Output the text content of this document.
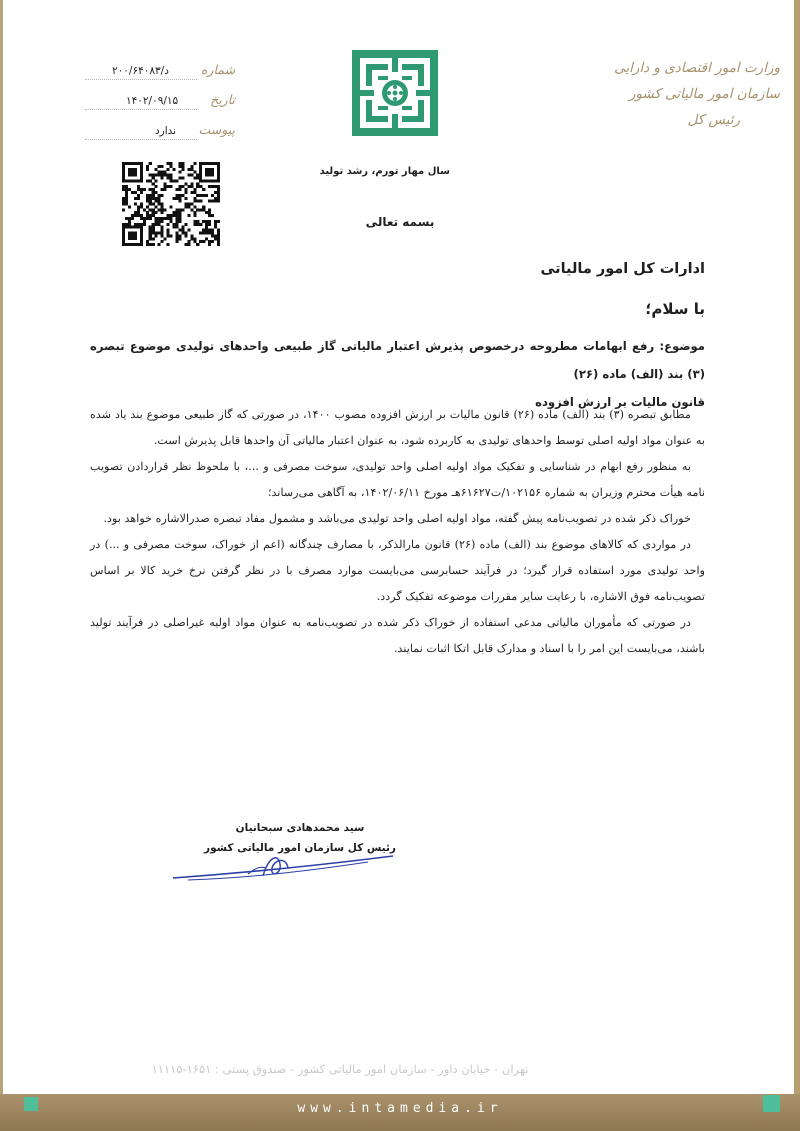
وزارت امور اقتصادی و دارایی
سازمان امور مالیاتی کشور
رئیس کل
شماره
د/۲۰۰/۶۴۰۸۳
تاریخ
۱۴۰۲/۰۹/۱۵
پیوست
ندارد
سال مهار تورم، رشد تولید
بسمه تعالی
ادارات کل امور مالیاتی
با سلام؛
موضوع: رفع ابهامات مطروحه درخصوص پذیرش اعتبار مالیاتی گاز طبیعی واحدهای تولیدی موضوع تبصره (۳) بند (الف) ماده (۲۶)
قانون مالیات بر ارزش افزوده

مطابق تبصره (۳) بند (الف) ماده (۲۶) قانون مالیات بر ارزش افزوده مصوب ۱۴۰۰، در صورتی که گاز طبیعی موضوع بند یاد شده به عنوان مواد اولیه اصلی توسط واحدهای تولیدی به کاربرده شود، به عنوان اعتبار مالیاتی آن واحدها قابل پذیرش است.

به منظور رفع ابهام در شناسایی و تفکیک مواد اولیه اصلی واحد تولیدی، سوخت مصرفی و ...، با ملحوظ نظر قراردادن تصویب نامه هیأت محترم وزیران به شماره ۱۰۲۱۵۶/ت۶۱۶۲۷هـ مورخ ۱۴۰۲/۰۶/۱۱، به آگاهی می‌رساند؛

خوراک ذکر شده در تصویب‌نامه پیش گفته، مواد اولیه اصلی واحد تولیدی می‌باشد و مشمول مفاد تبصره صدرالاشاره خواهد بود.

در مواردی که کالاهای موضوع بند (الف) ماده (۲۶) قانون مارالذکر، با مصارف چندگانه (اعم از خوراک، سوخت مصرفی و ...) در واحد تولیدی مورد استفاده قرار گیرد؛ در فرآیند حسابرسی می‌بایست موارد مصرف با در نظر گرفتن نرخ خرید کالا بر اساس تصویب‌نامه فوق الاشاره، با رعایت سایر مقررات موضوعه تفکیک گردد.

در صورتی که مأموران مالیاتی مدعی استفاده از خوراک ذکر شده در تصویب‌نامه به عنوان مواد اولیه غیراصلی در فرآیند تولید باشند، می‌بایست این امر را با اسناد و مدارک قابل اتکا اثبات نمایند.

سید محمدهادی سبحانیان
رئیس کل سازمان امور مالیاتی کشور
تهران - خیابان داور - سازمان امور مالیاتی کشور - صندوق پستی : ۱۶۵۱-۱۱۱۱۵
www.intamedia.ir
